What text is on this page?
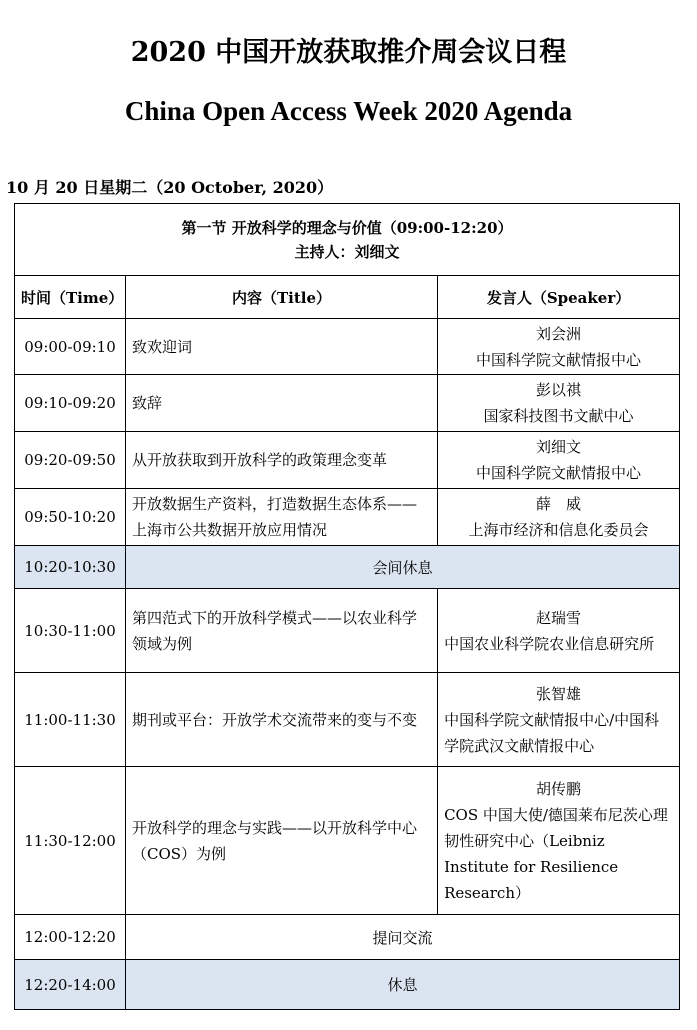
2020 中国开放获取推介周会议日程
China Open Access Week 2020 Agenda
10 月 20 日星期二（20 October, 2020）
第一节 开放科学的理念与价值（09:00-12:20）
主持人：刘细文		

时间（Time）	内容（Title）	发言人（Speaker）
09:00-09:10	致欢迎词	刘会洲
中国科学院文献情报中心

09:10-09:20	致辞	彭以祺
国家科技图书文献中心

09:20-09:50	从开放获取到开放科学的政策理念变革	刘细文
中国科学院文献情报中心

09:50-10:20	开放数据生产资料，打造数据生态体系——上海市公共数据开放应用情况	薛　威
上海市经济和信息化委员会

10:20-10:30	会间休息	
10:30-11:00	第四范式下的开放科学模式——以农业科学领域为例	赵瑞雪
中国农业科学院农业信息研究所

11:00-11:30	期刊或平台：开放学术交流带来的变与不变	张智雄
中国科学院文献情报中心/中国科学院武汉文献情报中心

11:30-12:00	开放科学的理念与实践——以开放科学中心（COS）为例	胡传鹏
COS 中国大使/德国莱布尼茨心理韧性研究中心（Leibniz Institute for Resilience Research）

12:00-12:20	提问交流	
12:20-14:00	休息	
